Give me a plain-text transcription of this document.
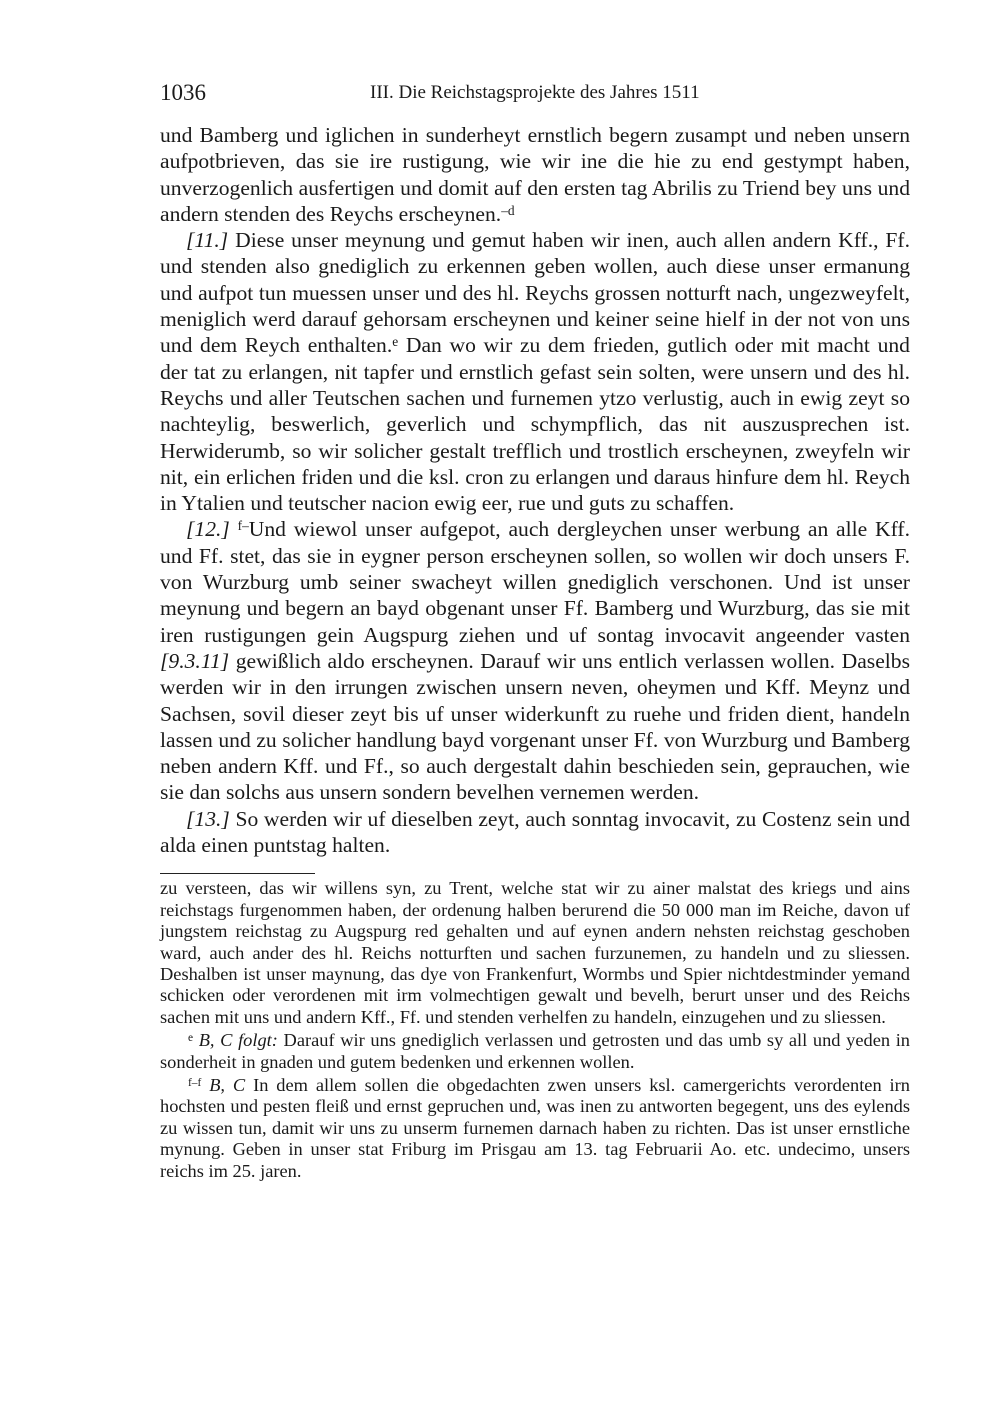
1036	III. Die Reichstagsprojekte des Jahres 1511

und Bamberg und iglichen in sunderheyt ernstlich begern zusampt und neben unsern aufpotbrieven, das sie ire rustigung, wie wir ine die hie zu end gestympt haben, unverzogenlich ausfertigen und domit auf den ersten tag Abrilis zu Triend bey uns und andern stenden des Reychs erscheynen.$^{-d}$

[11.] Diese unser meynung und gemut haben wir inen, auch allen andern Kff., Ff. und stenden also gnediglich zu erkennen geben wollen, auch diese unser ermanung und aufpot tun muessen unser und des hl. Reychs grossen notturft nach, ungezweyfelt, meniglich werd darauf gehorsam erscheynen und keiner seine hielf in der not von uns und dem Reych enthalten.$^e$ Dan wo wir zu dem frieden, gutlich oder mit macht und der tat zu erlangen, nit tapfer und ernstlich gefast sein solten, were unsern und des hl. Reychs und aller Teutschen sachen und furnemen ytzo verlustig, auch in ewig zeyt so nachteylig, beswerlich, geverlich und schympflich, das nit auszusprechen ist. Herwiderumb, so wir solicher gestalt trefflich und trostlich erscheynen, zweyfeln wir nit, ein erlichen friden und die ksl. cron zu erlangen und daraus hinfure dem hl. Reych in Ytalien und teutscher nacion ewig eer, rue und guts zu schaffen.

[12.] $^{f-}$Und wiewol unser aufgepot, auch dergleychen unser werbung an alle Kff. und Ff. stet, das sie in eygner person erscheynen sollen, so wollen wir doch unsers F. von Wurzburg umb seiner swacheyt willen gnediglich verschonen. Und ist unser meynung und begern an bayd obgenant unser Ff. Bamberg und Wurzburg, das sie mit iren rustigungen gein Augspurg ziehen und uf sontag invocavit angeender vasten [9.3.11] gewißlich aldo erscheynen. Darauf wir uns entlich verlassen wollen. Daselbs werden wir in den irrungen zwischen unsern neven, oheymen und Kff. Meynz und Sachsen, sovil dieser zeyt bis uf unser widerkunft zu ruehe und friden dient, handeln lassen und zu solicher handlung bayd vorgenant unser Ff. von Wurzburg und Bamberg neben andern Kff. und Ff., so auch dergestalt dahin beschieden sein, geprauchen, wie sie dan solchs aus unsern sondern bevelhen vernemen werden.

[13.] So werden wir uf dieselben zeyt, auch sonntag invocavit, zu Costenz sein und alda einen puntstag halten.

zu versteen, das wir willens syn, zu Trent, welche stat wir zu ainer malstat des kriegs und ains reichstags furgenommen haben, der ordenung halben berurend die 50 000 man im Reiche, davon uf jungstem reichstag zu Augspurg red gehalten und auf eynen andern nehsten reichstag geschoben ward, auch ander des hl. Reichs notturften und sachen furzunemen, zu handeln und zu sliessen. Deshalben ist unser maynung, das dye von Frankenfurt, Wormbs und Spier nichtdestminder yemand schicken oder verordenen mit irm volmechtigen gewalt und bevelh, berurt unser und des Reichs sachen mit uns und andern Kff., Ff. und stenden verhelfen zu handeln, einzugehen und zu sliessen.

$^e$ B, C folgt: Darauf wir uns gnediglich verlassen und getrosten und das umb sy all und yeden in sonderheit in gnaden und gutem bedenken und erkennen wollen.

$^{f-f}$ B, C In dem allem sollen die obgedachten zwen unsers ksl. camergerichts verordenten irn hochsten und pesten fleiß und ernst gepruchen und, was inen zu antworten begegent, uns des eylends zu wissen tun, damit wir uns zu unserm furnemen darnach haben zu richten. Das ist unser ernstliche mynung. Geben in unser stat Friburg im Prisgau am 13. tag Februarii Ao. etc. undecimo, unsers reichs im 25. jaren.
